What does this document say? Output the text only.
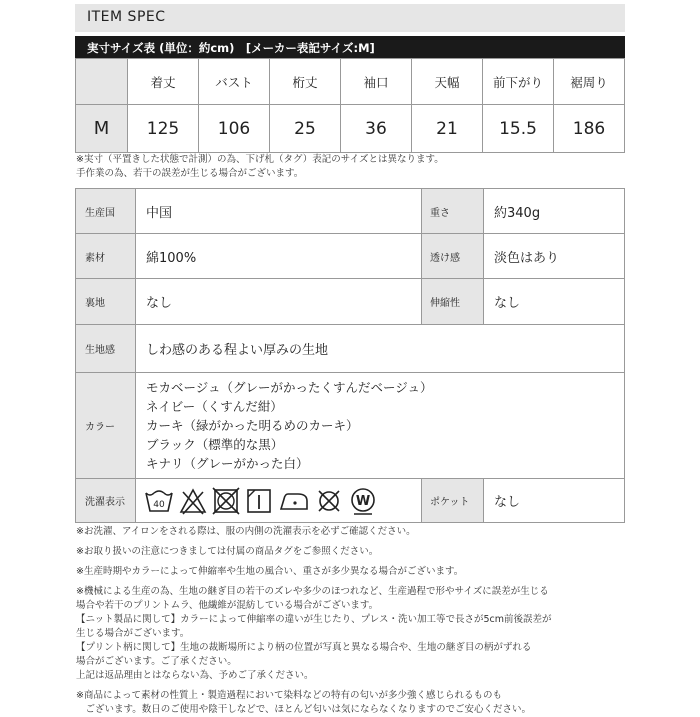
ITEM SPEC
実寸サイズ表 (単位：約cm)　[メーカー表記サイズ:M]
	着丈	バスト	桁丈	袖口	天幅	前下がり	裾周り
M	125	106	25	36	21	15.5	186
※実寸（平置きした状態で計測）の為、下げ札（タグ）表記のサイズとは異なります。
手作業の為、若干の誤差が生じる場合がございます。
生産国	中国	重さ	約340g
素材	綿100%	透け感	淡色はあり
裏地	なし	伸縮性	なし
生地感	しわ感のある程よい厚みの生地
カラー
モカベージュ（グレーがかったくすんだベージュ）
ネイビー（くすんだ紺）
カーキ（緑がかった明るめのカーキ）
ブラック（標準的な黒）
キナリ（グレーがかった白）
洗濯表示	40	W	ポケット	なし

※お洗濯、アイロンをされる際は、服の内側の洗濯表示を必ずご確認ください。

※お取り扱いの注意につきましては付属の商品タグをご参照ください。

※生産時期やカラーによって伸縮率や生地の風合い、重さが多少異なる場合がございます。

※機械による生産の為、生地の継ぎ目の若干のズレや多少のほつれなど、生産過程で形やサイズに誤差が生じる
場合や若干のプリントムラ、他繊維が混紡している場合がございます。
【ニット製品に関して】カラーによって伸縮率の違いが生じたり、プレス・洗い加工等で長さが5cm前後誤差が
生じる場合がございます。
【プリント柄に関して】生地の裁断場所により柄の位置が写真と異なる場合や、生地の継ぎ目の柄がずれる
場合がございます。ご了承ください。
上記は返品理由とはならない為、予めご了承ください。

※商品によって素材の性質上・製造過程において染料などの特有の匂いが多少強く感じられるものも
　ございます。数日のご使用や陰干しなどで、ほとんど匂いは気にならなくなりますのでご安心ください。
